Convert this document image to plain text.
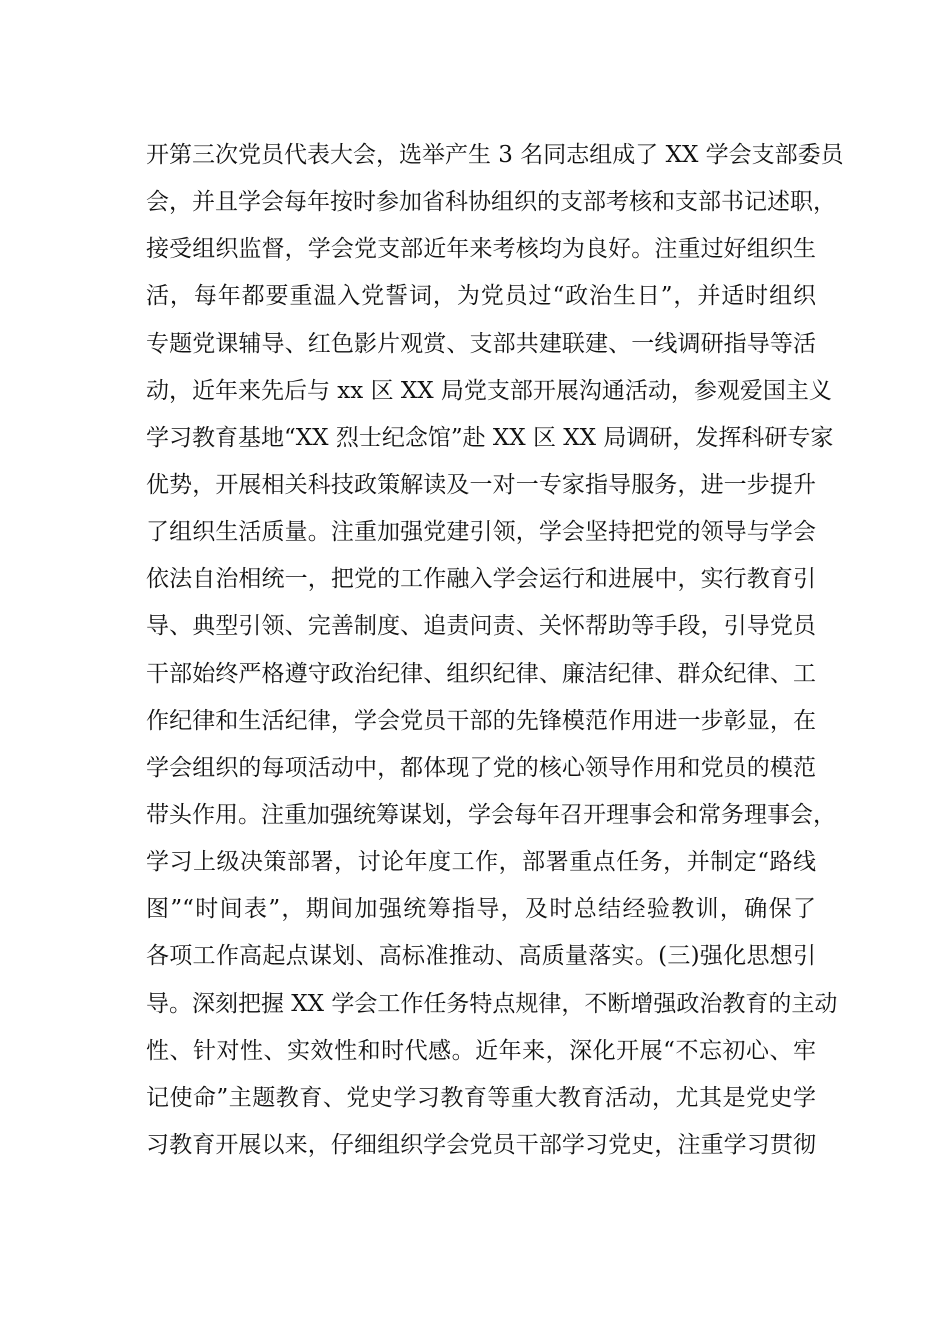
开第三次党员代表大会，选举产生 3 名同志组成了 XX 学会支部委员
会，并且学会每年按时参加省科协组织的支部考核和支部书记述职，
接受组织监督，学会党支部近年来考核均为良好。注重过好组织生
活，每年都要重温入党誓词，为党员过“政治生日”，并适时组织
专题党课辅导、红色影片观赏、支部共建联建、一线调研指导等活
动，近年来先后与 xx 区 XX 局党支部开展沟通活动，参观爱国主义
学习教育基地“XX 烈士纪念馆”赴 XX 区 XX 局调研，发挥科研专家
优势，开展相关科技政策解读及一对一专家指导服务，进一步提升
了组织生活质量。注重加强党建引领，学会坚持把党的领导与学会
依法自治相统一，把党的工作融入学会运行和进展中，实行教育引
导、典型引领、完善制度、追责问责、关怀帮助等手段，引导党员
干部始终严格遵守政治纪律、组织纪律、廉洁纪律、群众纪律、工
作纪律和生活纪律，学会党员干部的先锋模范作用进一步彰显，在
学会组织的每项活动中，都体现了党的核心领导作用和党员的模范
带头作用。注重加强统筹谋划，学会每年召开理事会和常务理事会，
学习上级决策部署，讨论年度工作，部署重点任务，并制定“路线
图”“时间表”，期间加强统筹指导，及时总结经验教训，确保了
各项工作高起点谋划、高标准推动、高质量落实。(三)强化思想引
导。深刻把握 XX 学会工作任务特点规律，不断增强政治教育的主动
性、针对性、实效性和时代感。近年来，深化开展“不忘初心、牢
记使命”主题教育、党史学习教育等重大教育活动，尤其是党史学
习教育开展以来，仔细组织学会党员干部学习党史，注重学习贯彻
